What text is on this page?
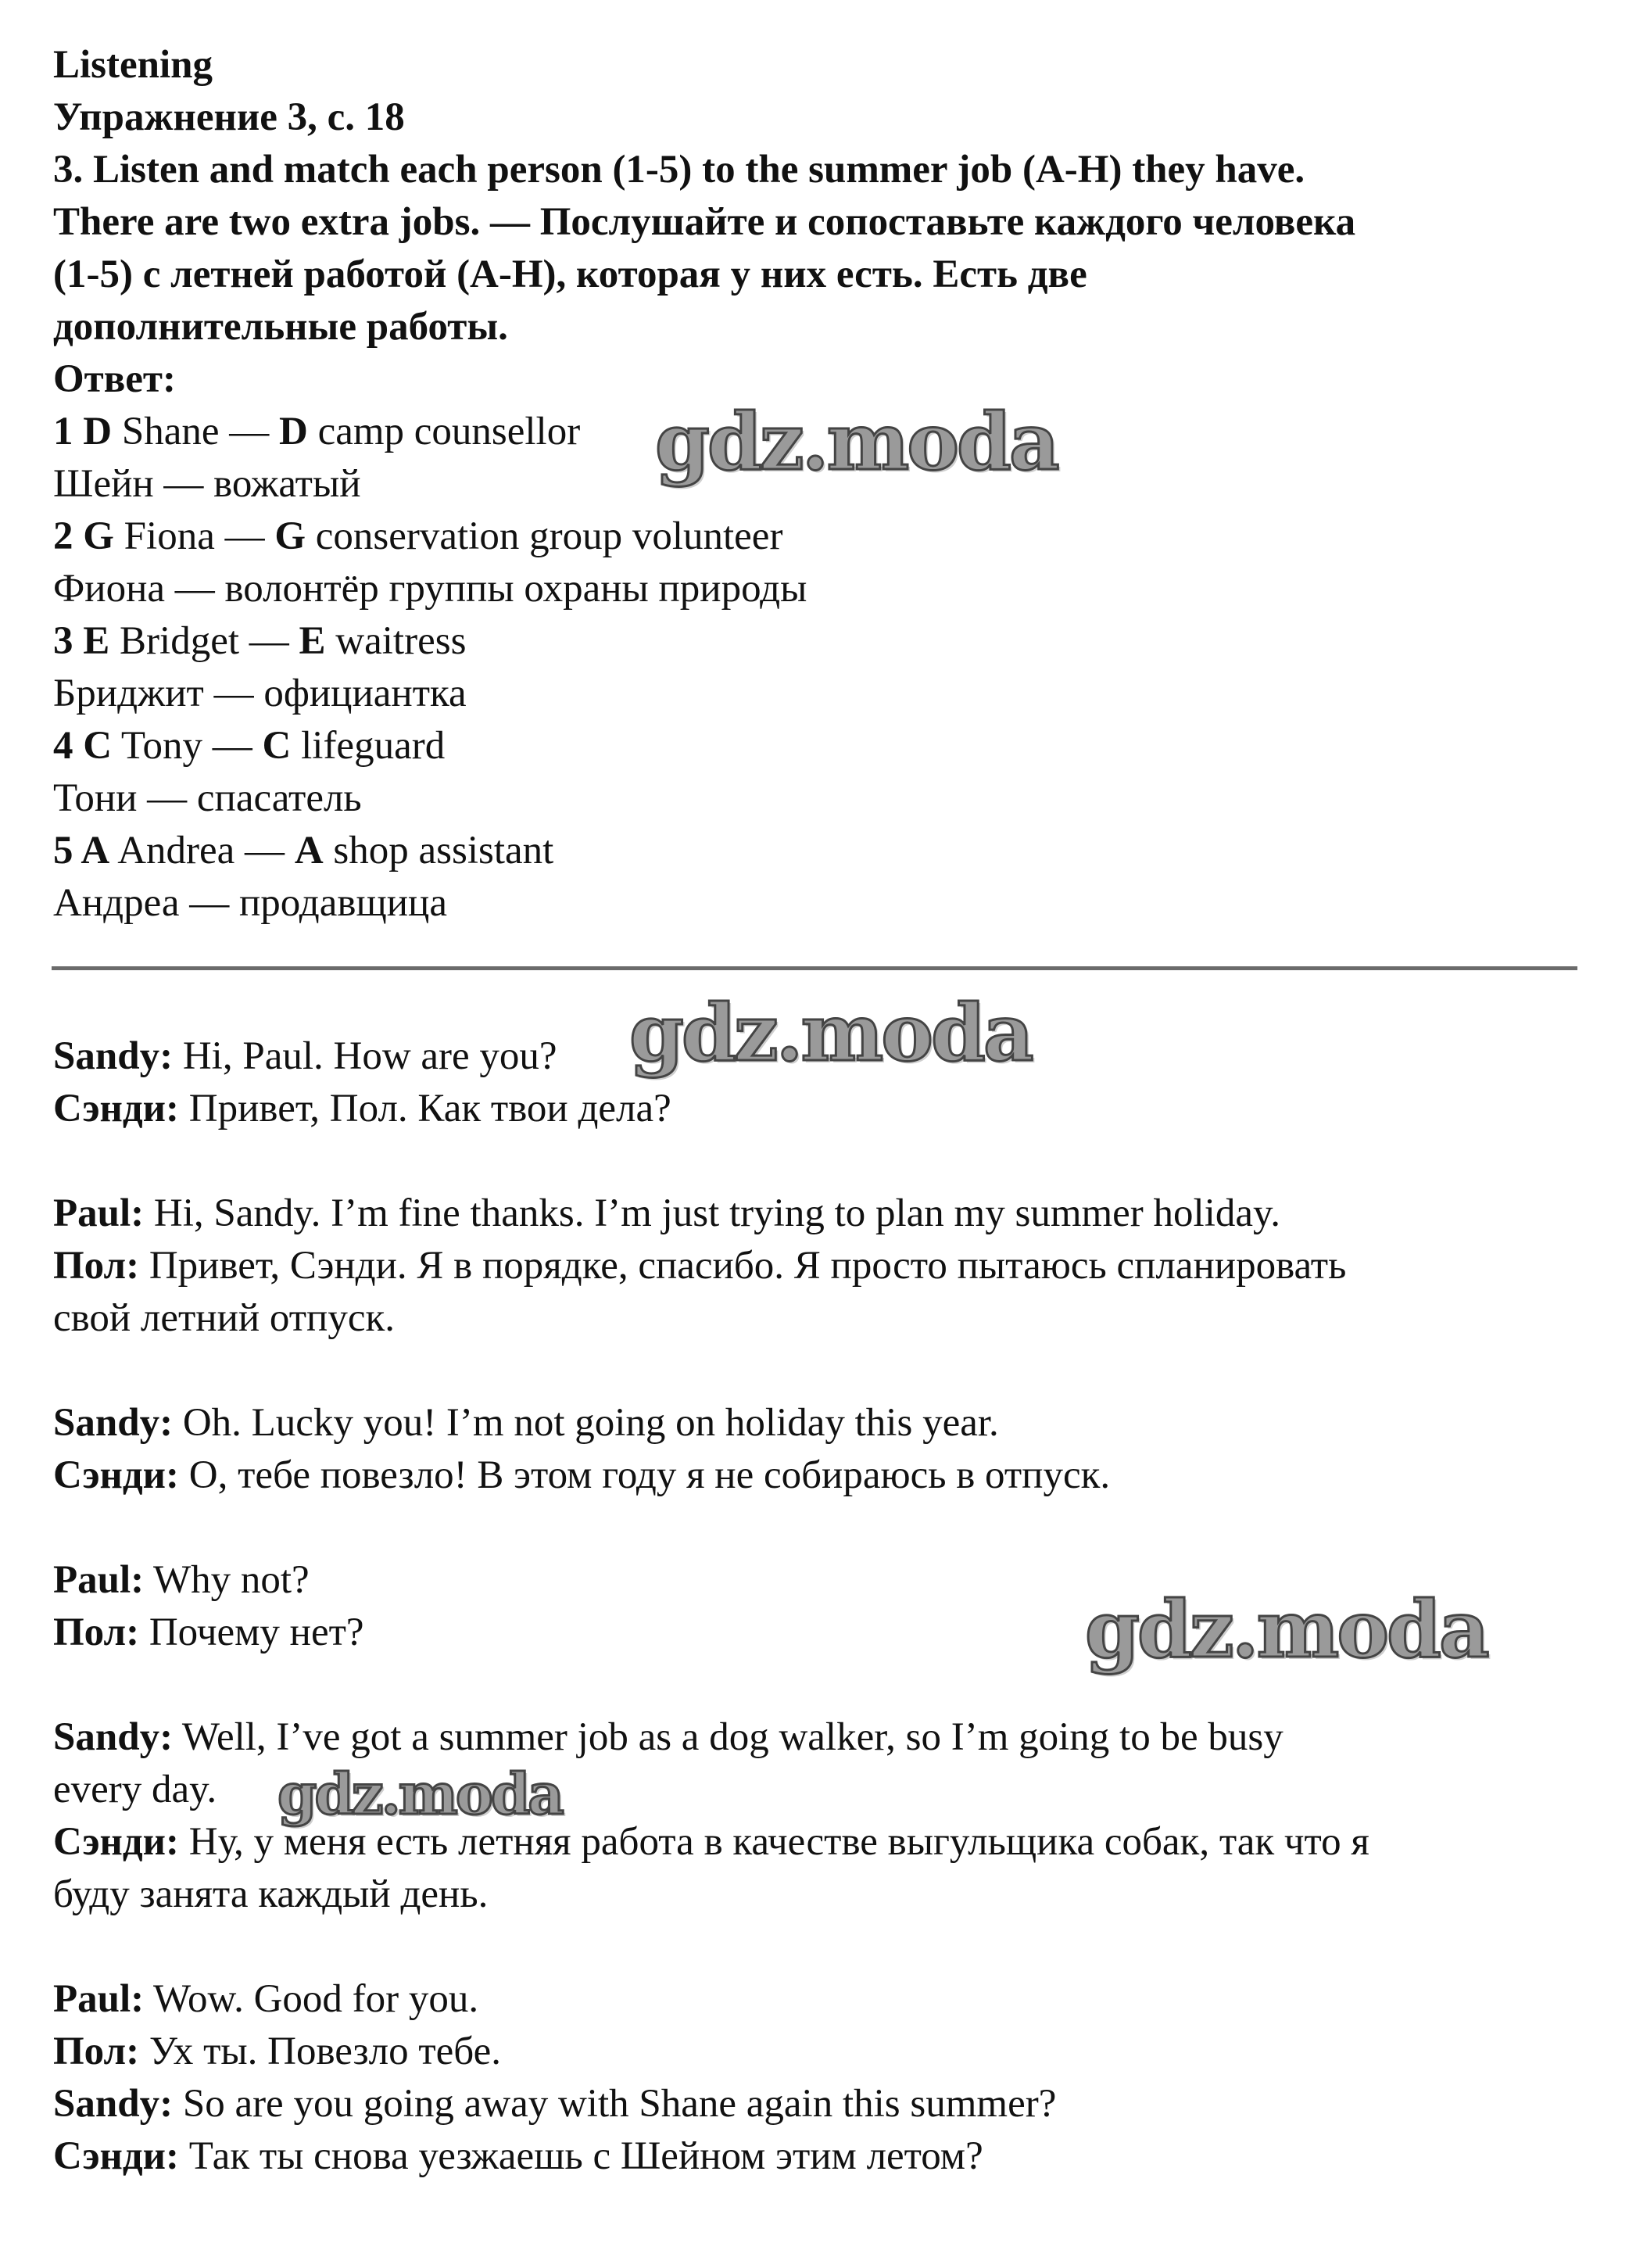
Listening
Упражнение 3, с. 18
3. Listen and match each person (1-5) to the summer job (A-H) they have.
There are two extra jobs. — Послушайте и сопоставьте каждого человека
(1-5) с летней работой (A-H), которая у них есть. Есть две
дополнительные работы.
Ответ:
1 D Shane — D camp counsellor
Шейн — вожатый
2 G Fiona — G conservation group volunteer
Фиона — волонтёр группы охраны природы
3 E Bridget — E waitress
Бриджит — официантка
4 C Tony — C lifeguard
Тони — спасатель
5 A Andrea — A shop assistant
Андреа — продавщица
Sandy: Hi, Paul. How are you?
Сэнди: Привет, Пол. Как твои дела?
Paul: Hi, Sandy. I’m fine thanks. I’m just trying to plan my summer holiday.
Пол: Привет, Сэнди. Я в порядке, спасибо. Я просто пытаюсь спланировать
свой летний отпуск.
Sandy: Oh. Lucky you! I’m not going on holiday this year.
Сэнди: О, тебе повезло! В этом году я не собираюсь в отпуск.
Paul: Why not?
Пол: Почему нет?
Sandy: Well, I’ve got a summer job as a dog walker, so I’m going to be busy
every day.
Сэнди: Ну, у меня есть летняя работа в качестве выгульщика собак, так что я
буду занята каждый день.
Paul: Wow. Good for you.
Пол: Ух ты. Повезло тебе.
Sandy: So are you going away with Shane again this summer?
Сэнди: Так ты снова уезжаешь с Шейном этим летом?
gdz.moda
gdz.moda
gdz.moda
gdz.moda
